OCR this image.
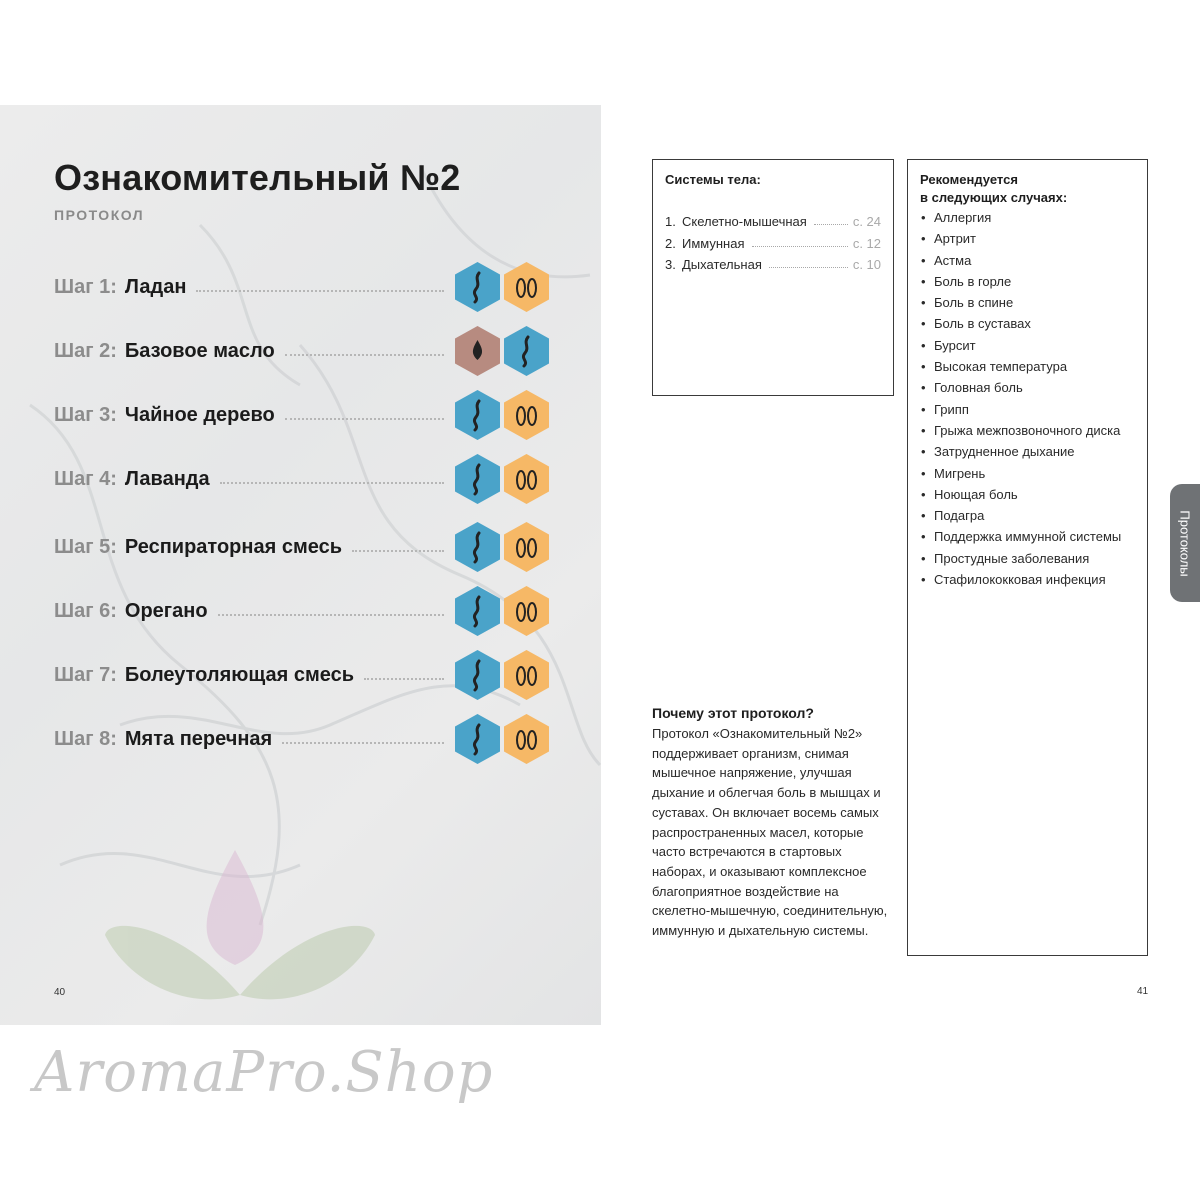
Ознакомительный №2
ПРОТОКОЛ
Шаг 1: Ладан
Шаг 2: Базовое масло
Шаг 3: Чайное дерево
Шаг 4: Лаванда
Шаг 5: Респираторная смесь
Шаг 6: Орегано
Шаг 7: Болеутоляющая смесь
Шаг 8: Мята перечная
40
Системы тела:
1. Скелетно-мышечная	с. 24
2. Иммунная	с. 12
3. Дыхательная	с. 10
Рекомендуется
в следующих случаях:
• Аллергия
• Артрит
• Астма
• Боль в горле
• Боль в спине
• Боль в суставах
• Бурсит
• Высокая температура
• Головная боль
• Грипп
• Грыжа межпозвоночного диска
• Затрудненное дыхание
• Мигрень
• Ноющая боль
• Подагра
• Поддержка иммунной системы
• Простудные заболевания
• Стафилококковая инфекция
Почему этот протокол?
Протокол «Ознакомительный №2» поддерживает организм, снимая мышечное напряжение, улучшая дыхание и облегчая боль в мышцах и суставах. Он включает восемь самых распространенных масел, которые часто встречаются в стартовых наборах, и оказывают комплексное благоприятное воздействие на скелетно-мышечную, соединительную, иммунную и дыхательную системы.
41
Протоколы
AromaPro.Shop
